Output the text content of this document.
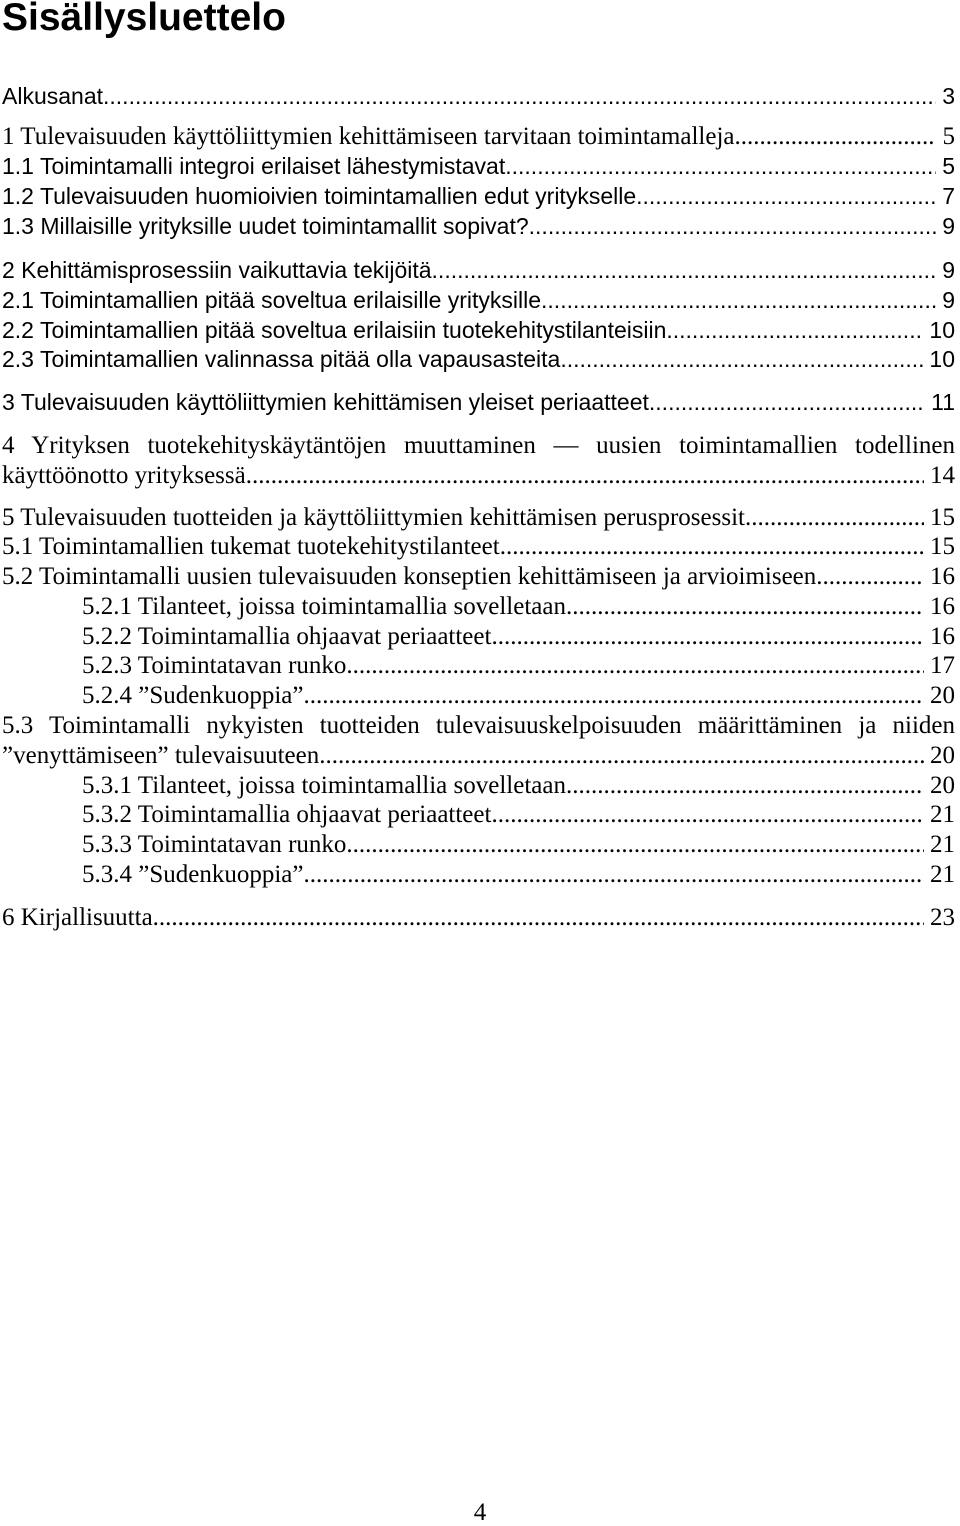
Sisällysluettelo
Alkusanat .....	3
1 Tulevaisuuden käyttöliittymien kehittämiseen tarvitaan toimintamalleja .....	5
1.1 Toimintamalli integroi erilaiset lähestymistavat. .....	5
1.2 Tulevaisuuden huomioivien toimintamallien edut yritykselle .....	7
1.3 Millaisille yrityksille uudet toimintamallit sopivat? .....	9
2 Kehittämisprosessiin vaikuttavia tekijöitä .....	9
2.1 Toimintamallien pitää soveltua erilaisille yrityksille. .....	9
2.2 Toimintamallien pitää soveltua erilaisiin tuotekehitystilanteisiin .....	10
2.3 Toimintamallien valinnassa pitää olla vapausasteita .....	10
3 Tulevaisuuden käyttöliittymien kehittämisen yleiset periaatteet .....	11
4 Yrityksen tuotekehityskäytäntöjen muuttaminen — uusien toimintamallien todellinen
käyttöönotto yrityksessä .....	14
5 Tulevaisuuden tuotteiden ja käyttöliittymien kehittämisen perusprosessit .....	15
5.1 Toimintamallien tukemat tuotekehitystilanteet .....	15
5.2 Toimintamalli uusien tulevaisuuden konseptien kehittämiseen ja arvioimiseen .....	16
5.2.1 Tilanteet, joissa toimintamallia sovelletaan .....	16
5.2.2 Toimintamallia ohjaavat periaatteet .....	16
5.2.3 Toimintatavan runko .....	17
5.2.4 ”Sudenkuoppia” .....	20
5.3 Toimintamalli nykyisten tuotteiden tulevaisuuskelpoisuuden määrittäminen ja niiden
”venyttämiseen” tulevaisuuteen .....	20
5.3.1 Tilanteet, joissa toimintamallia sovelletaan .....	20
5.3.2 Toimintamallia ohjaavat periaatteet .....	21
5.3.3 Toimintatavan runko .....	21
5.3.4 ”Sudenkuoppia” .....	21
6 Kirjallisuutta .....	23
4
